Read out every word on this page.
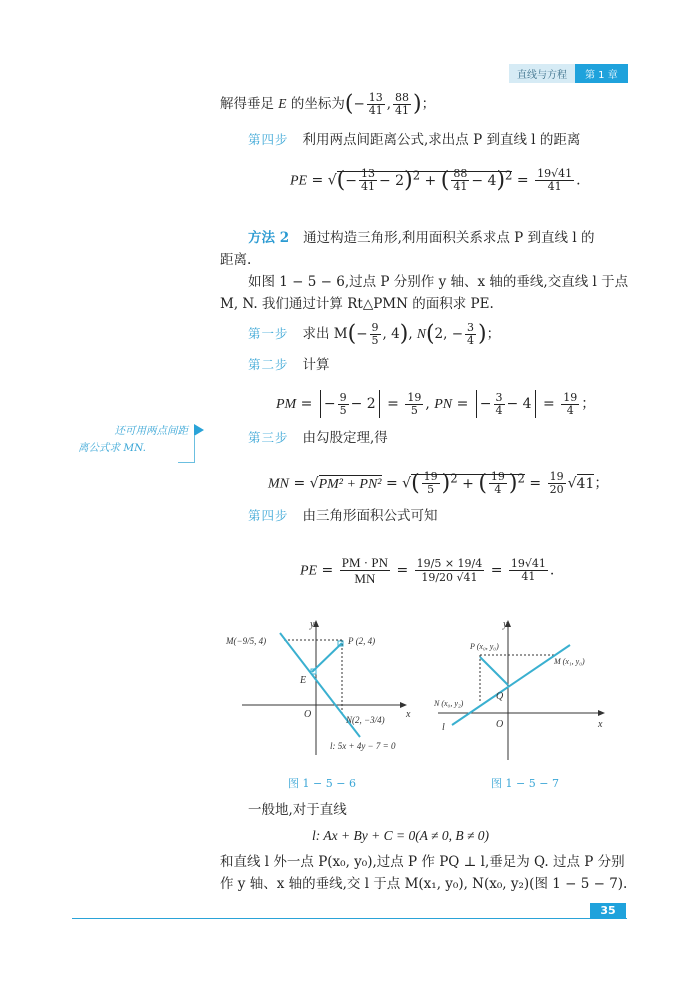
直线与方程	第 1 章
解得垂足 E 的坐标为(− $\frac{13}{41}$ , $\frac{88}{41}$ )；
第四步 利用两点间距离公式,求出点 P 到直线 l 的距离
PE = √(− $\frac{13}{41} - 2)^2$ + ( $\frac{88}{41} - 4)^2 = \frac{19√41}{41}$ .
方法 2 通过构造三角形,利用面积关系求点 P 到直线 l 的
距离.
如图 1 − 5 − 6,过点 P 分别作 y 轴、x 轴的垂线,交直线 l 于点
M, N. 我们通过计算 Rt△PMN 的面积求 PE.
第一步 求出 $M(- \frac{9}{5}$ , 4), N(2, − $\frac{3}{4}$ )；
第二步 计算
PM = − $\frac{9}{5} - 2 = \frac{19}{5}$ , PN = − $\frac{3}{4} - 4 = \frac{19}{4}$ ；
还可用两点间距
离公式求 MN.
第三步 由勾股定理,得
MN = √PM² + PN² = √( $\frac{19}{5} )^2$ + ( $\frac{19}{4} )^2 = \frac{19}{20} √41$；
第四步 由三角形面积公式可知
PE = $\frac{PM \cdot PN}{MN} = \frac{19/5 \times 19/4}{19/20 √41} = \frac{19√41}{41}$ .
y
x
O
M(−9/5, 4)	P (2, 4)
E
N(2, −3/4)
l: 5x + 4y − 7 = 0
图 1 − 5 − 6
y
x
O
P (x₀, y₀)
M (x₁, y₀)
N (x₀, y₂)
Q
l
图 1 − 5 − 7
一般地,对于直线
l: Ax + By + C = 0(A ≠ 0, B ≠ 0)
和直线 l 外一点 P(x₀, y₀),过点 P 作 PQ ⊥ l,垂足为 Q. 过点 P 分别
作 y 轴、x 轴的垂线,交 l 于点 M(x₁, y₀), N(x₀, y₂)(图 1 − 5 − 7).
35
